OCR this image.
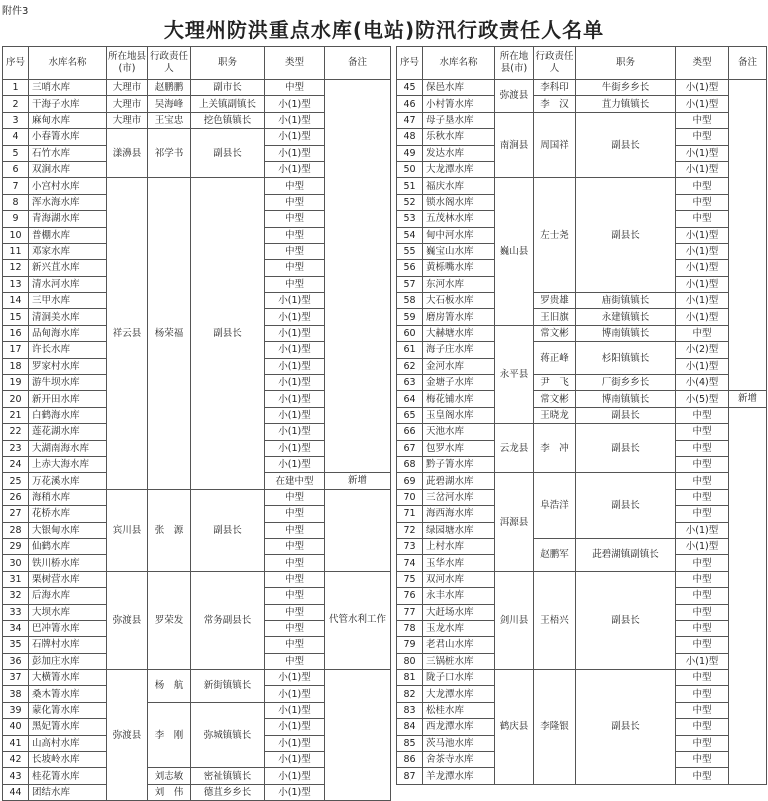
附件3
大理州防洪重点水库(电站)防汛行政责任人名单
序号	水库名称	所在地县(市)	行政责任人	职务	类型	备注
1	三哨水库	大理市	赵鹏鹏	副市长	中型	
2	干海子水库	大理市	吴海峰	上关镇副镇长	小(1)型	
3	麻甸水库	大理市	王宝忠	挖色镇镇长	小(1)型	
4	小春箐水库	漾濞县	祁学书	副县长	小(1)型	
5	石竹水库				小(1)型	
6	双涧水库				小(1)型	
7	小宫村水库	祥云县	杨荣福	副县长	中型	
8	浑水海水库				中型	
9	青海湖水库				中型	
10	普棚水库				中型	
11	邓家水库				中型	
12	新兴苴水库				中型	
13	清水河水库				中型	
14	三甲水库				小(1)型	
15	清洞美水库				小(1)型	
16	品甸海水库				小(1)型	
17	许长水库				小(1)型	
18	罗家村水库				小(1)型	
19	游牛坝水库				小(1)型	
20	新开田水库				小(1)型	
21	白鹤海水库				小(1)型	
22	莲花湖水库				小(1)型	
23	大湖南海水库				小(1)型	
24	上赤大海水库				小(1)型	
25	万花溪水库				在建中型	新增
26	海稍水库	宾川县	张　源	副县长	中型	
27	花桥水库				中型	
28	大银甸水库				中型	
29	仙鹤水库				中型	
30	铁川桥水库				中型	
31	栗树营水库	弥渡县	罗荣发	常务副县长	中型	代管水利工作
32	后海水库				中型	
33	大坝水库				中型	
34	巴冲箐水库				中型	
35	石牌村水库				中型	
36	彭加庄水库				中型	
37	大横箐水库	弥渡县	杨　航	新街镇镇长	小(1)型	
38	桑木箐水库				小(1)型	
39	蒙化箐水库		李　刚	弥城镇镇长	小(1)型	
40	黑妃箐水库				小(1)型	
41	山高村水库				小(1)型	
42	长坡岭水库				小(1)型	
43	桂花箐水库		刘志敏	密祉镇镇长	小(1)型	
44	团结水库		刘　伟	德苴乡乡长	小(1)型	
序号	水库名称	所在地县(市)	行政责任人	职务	类型	备注
45	保邑水库	弥渡县	李科印	牛街乡乡长	小(1)型	
46	小村箐水库		李　汉	苴力镇镇长	小(1)型	
47	母子垦水库	南涧县	周国祥	副县长	中型	
48	乐秋水库				中型	
49	发达水库				小(1)型	
50	大龙潭水库				小(1)型	
51	福庆水库	巍山县	左士尧	副县长	中型	
52	锁水阁水库				中型	
53	五茂林水库				中型	
54	甸中河水库				小(1)型	
55	巍宝山水库				小(1)型	
56	黄栎嘴水库				小(1)型	
57	东河水库				小(1)型	
58	大石板水库		罗贵雄	庙街镇镇长	小(1)型	
59	磨房箐水库		王旧旗	永建镇镇长	小(1)型	
60	大赫塘水库	永平县	常文彬	博南镇镇长	中型	
61	海子庄水库		蒋正峰	杉阳镇镇长	小(2)型	
62	金河水库				小(1)型	
63	金塘子水库		尹　飞	厂街乡乡长	小(4)型	
64	梅花铺水库		常文彬	博南镇镇长	小(5)型	新增
65	玉皇阁水库		王晓龙	副县长	中型	
66	天池水库	云龙县	李　冲	副县长	中型	
67	包罗水库				中型	
68	黔子箐水库				中型	
69	茈碧湖水库	洱源县	阜浩洋	副县长	中型	
70	三岔河水库				中型	
71	海西海水库				中型	
72	绿园塘水库				小(1)型	
73	上村水库		赵鹏军	茈碧湖镇副镇长	小(1)型	
74	玉华水库				中型	
75	双河水库	剑川县	王梧兴	副县长	中型	
76	永丰水库				中型	
77	大赶场水库				中型	
78	玉龙水库				中型	
79	老君山水库				中型	
80	三锅桩水库				小(1)型	
81	陇子口水库	鹤庆县	李隆银	副县长	中型	
82	大龙潭水库				中型	
83	松桂水库				中型	
84	西龙潭水库				中型	
85	茨马池水库				中型	
86	舍茶寺水库				中型	
87	羊龙潭水库				中型	
